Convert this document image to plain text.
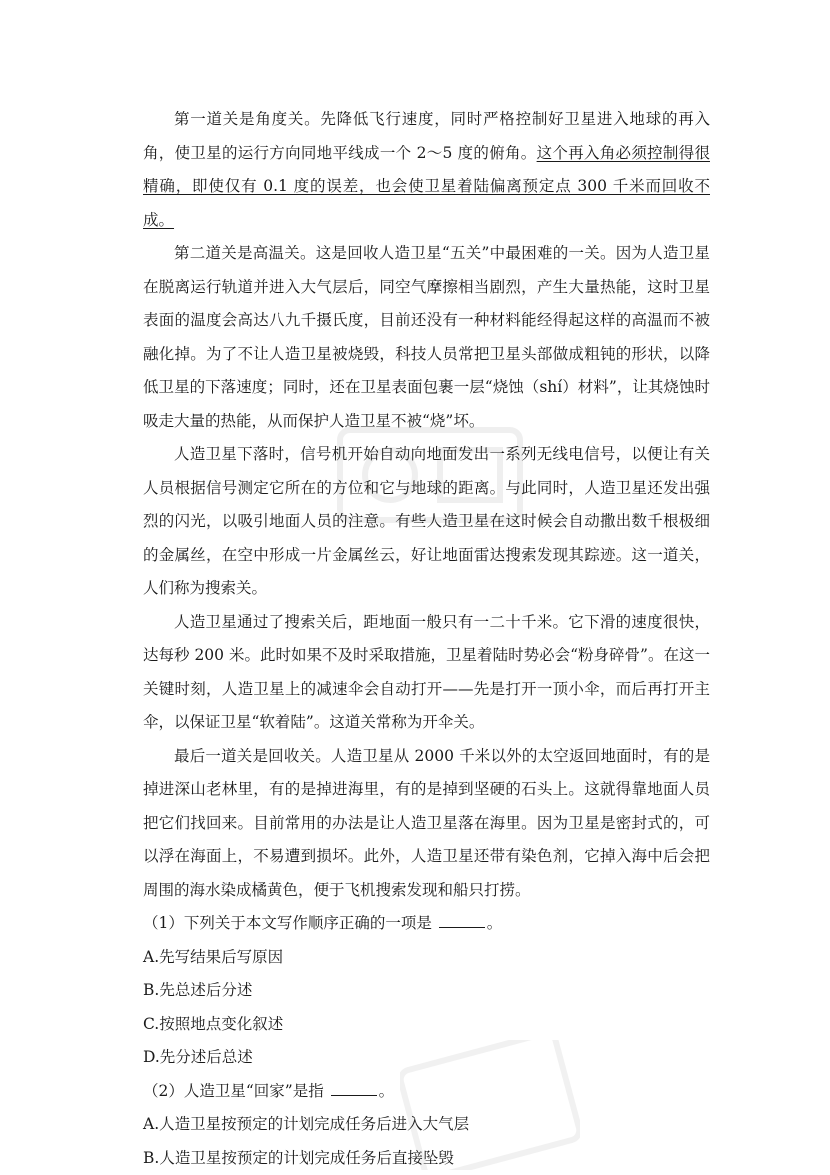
第一道关是角度关。先降低飞行速度，同时严格控制好卫星进入地球的再入角，使卫星的运行方向同地平线成一个 2～5 度的俯角。这个再入角必须控制得很精确，即使仅有 0.1 度的误差，也会使卫星着陆偏离预定点 300 千米而回收不成。

第二道关是高温关。这是回收人造卫星“五关”中最困难的一关。因为人造卫星在脱离运行轨道并进入大气层后，同空气摩擦相当剧烈，产生大量热能，这时卫星表面的温度会高达八九千摄氏度，目前还没有一种材料能经得起这样的高温而不被融化掉。为了不让人造卫星被烧毁，科技人员常把卫星头部做成粗钝的形状，以降低卫星的下落速度；同时，还在卫星表面包裹一层“烧蚀（shí）材料”，让其烧蚀时吸走大量的热能，从而保护人造卫星不被“烧”坏。

人造卫星下落时，信号机开始自动向地面发出一系列无线电信号，以便让有关人员根据信号测定它所在的方位和它与地球的距离。与此同时，人造卫星还发出强烈的闪光，以吸引地面人员的注意。有些人造卫星在这时候会自动撒出数千根极细的金属丝，在空中形成一片金属丝云，好让地面雷达搜索发现其踪迹。这一道关，人们称为搜索关。

人造卫星通过了搜索关后，距地面一般只有一二十千米。它下滑的速度很快，达每秒 200 米。此时如果不及时采取措施，卫星着陆时势必会“粉身碎骨”。在这一关键时刻，人造卫星上的减速伞会自动打开——先是打开一顶小伞，而后再打开主伞，以保证卫星“软着陆”。这道关常称为开伞关。

最后一道关是回收关。人造卫星从 2000 千米以外的太空返回地面时，有的是掉进深山老林里，有的是掉进海里，有的是掉到坚硬的石头上。这就得靠地面人员把它们找回来。目前常用的办法是让人造卫星落在海里。因为卫星是密封式的，可以浮在海面上，不易遭到损坏。此外，人造卫星还带有染色剂，它掉入海中后会把周围的海水染成橘黄色，便于飞机搜索发现和船只打捞。

（1）下列关于本文写作顺序正确的一项是	。

A.先写结果后写原因

B.先总述后分述

C.按照地点变化叙述

D.先分述后总述

（2）人造卫星“回家”是指	。

A.人造卫星按预定的计划完成任务后进入大气层

B.人造卫星按预定的计划完成任务后直接坠毁
